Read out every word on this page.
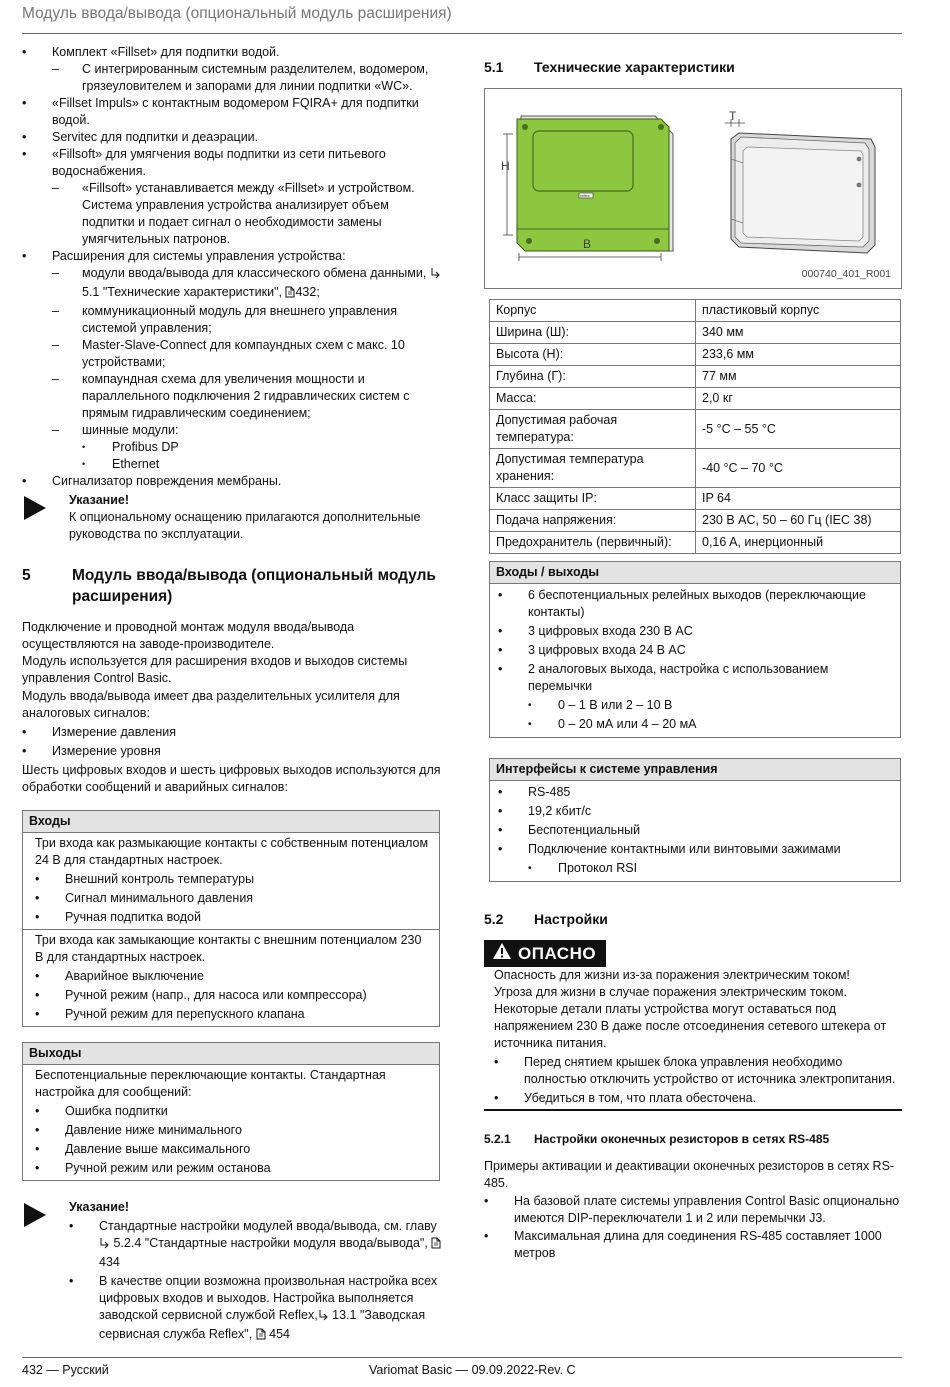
Модуль ввода/вывода (опциональный модуль расширения)
•	Комплект «Fillset» для подпитки водой.
–	С интегрированным системным разделителем, водомером, грязеуловителем и запорами для линии подпитки «WC».
•	«Fillset Impuls» с контактным водомером FQIRA+ для подпитки водой.
•	Servitec для подпитки и деаэрации.
•	«Fillsoft» для умягчения воды подпитки из сети питьевого водоснабжения.
–	«Fillsoft» устанавливается между «Fillset» и устройством. Система управления устройства анализирует объем подпитки и подает сигнал о необходимости замены умягчительных патронов.
•	Расширения для системы управления устройства:
–	модули ввода/вывода для классического обмена данными, 5.1 "Технические характеристики", 432;
–	коммуникационный модуль для внешнего управления системой управления;
–	Master-Slave-Connect для компаундных схем с макс. 10 устройствами;
–	компаундная схема для увеличения мощности и параллельного подключения 2 гидравлических систем с прямым гидравлическим соединением;
–	шинные модули:
•	Profibus DP
•	Ethernet
•	Сигнализатор повреждения мембраны.
Указание!

К опциональному оснащению прилагаются дополнительные руководства по эксплуатации.

5	Модуль ввода/вывода (опциональный модуль расширения)

Подключение и проводной монтаж модуля ввода/вывода осуществляются на заводе-производителе.

Модуль используется для расширения входов и выходов системы управления Control Basic.

Модуль ввода/вывода имеет два разделительных усилителя для аналоговых сигналов:

•	Измерение давления
•	Измерение уровня

Шесть цифровых входов и шесть цифровых выходов используются для обработки сообщений и аварийных сигналов:

Входы

Три входа как размыкающие контакты с собственным потенциалом 24 В для стандартных настроек.

•	Внешний контроль температуры
•	Сигнал минимального давления
•	Ручная подпитка водой

Три входа как замыкающие контакты с внешним потенциалом 230 В для стандартных настроек.

•	Аварийное выключение
•	Ручной режим (напр., для насоса или компрессора)
•	Ручной режим для перепускного клапана
Выходы

Беспотенциальные переключающие контакты. Стандартная настройка для сообщений:

•	Ошибка подпитки
•	Давление ниже минимального
•	Давление выше максимального
•	Ручной режим или режим останова
Указание!
•	Стандартные настройки модулей ввода/вывода, см. главу  5.2.4 "Стандартные настройки модуля ввода/вывода",  434
•	В качестве опции возможна произвольная настройка всех цифровых входов и выходов. Настройка выполняется заводской сервисной службой Reflex, 13.1 "Заводская сервисная служба Reflex",  454
5.1	Технические характеристики
H
B
T
reflex
000740_401_R001
Корпус	пластиковый корпус
Ширина (Ш):	340 мм
Высота (Н):	233,6 мм
Глубина (Г):	77 мм
Масса:	2,0 кг
Допустимая рабочая температура:	-5 °C – 55 °C
Допустимая температура хранения:	-40 °C – 70 °C
Класс защиты IP:	IP 64
Подача напряжения:	230 В AC, 50 – 60 Гц (IEC 38)
Предохранитель (первичный):	0,16 A, инерционный
Входы / выходы
•	6 беспотенциальных релейных выходов (переключающие контакты)
•	3 цифровых входа 230 В AC
•	3 цифровых входа 24 В AC
•	2 аналоговых выхода, настройка с использованием перемычки
•	0 – 1 В или 2 – 10 В
•	0 – 20 мА или 4 – 20 мА
Интерфейсы к системе управления
•	RS-485
•	19,2 кбит/с
•	Беспотенциальный
•	Подключение контактными или винтовыми зажимами
•	Протокол RSI
5.2	Настройки
ОПАСНО

Опасность для жизни из-за поражения электрическим током!

Угроза для жизни в случае поражения электрическим током. Некоторые детали платы устройства могут оставаться под напряжением 230 В даже после отсоединения сетевого штекера от источника питания.

•	Перед снятием крышек блока управления необходимо полностью отключить устройство от источника электропитания.
•	Убедиться в том, что плата обесточена.
5.2.1	Настройки оконечных резисторов в сетях RS-485

Примеры активации и деактивации оконечных резисторов в сетях RS-485.

•	На базовой плате системы управления Control Basic опционально имеются DIP-переключатели 1 и 2 или перемычки J3.
•	Максимальная длина для соединения RS-485 составляет 1000 метров
432 — Русский	Variomat Basic — 09.09.2022-Rev. C
